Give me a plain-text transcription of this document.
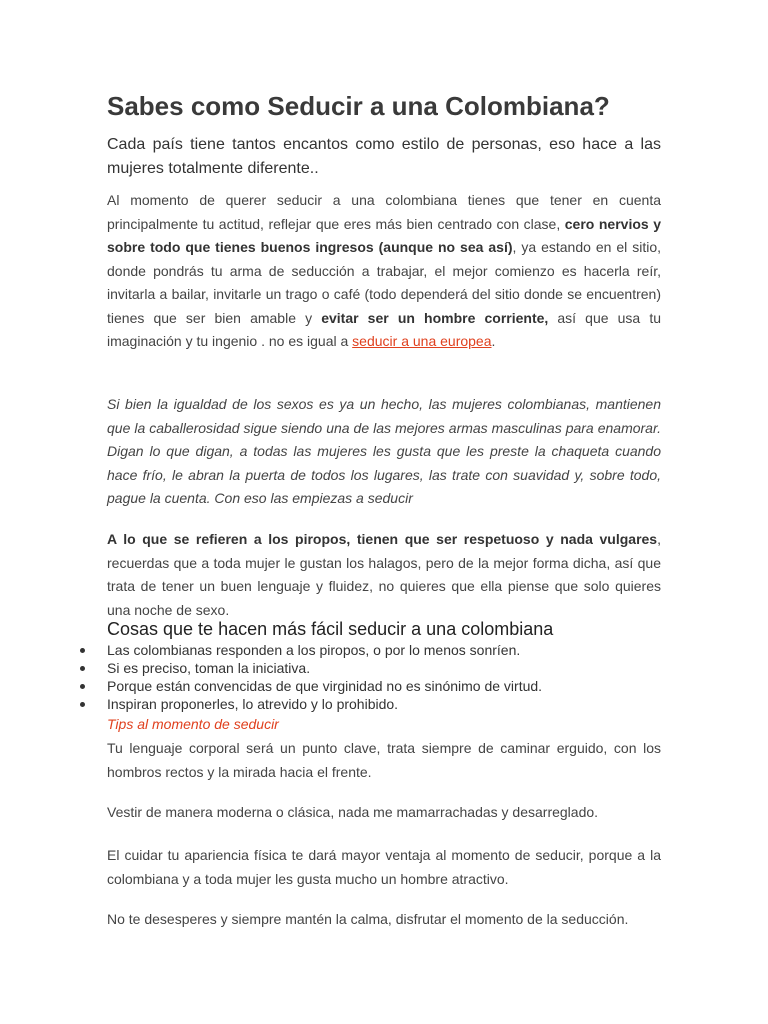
Sabes como Seducir a una Colombiana?

Cada país tiene tantos encantos como estilo de personas, eso hace a las mujeres totalmente diferente..

Al momento de querer seducir a una colombiana tienes que tener en cuenta principalmente tu actitud, reflejar que eres más bien centrado con clase, cero nervios y sobre todo que tienes buenos ingresos (aunque no sea así), ya estando en el sitio, donde pondrás tu arma de seducción a trabajar, el mejor comienzo es hacerla reír, invitarla a bailar, invitarle un trago o café (todo dependerá del sitio donde se encuentren) tienes que ser bien amable y evitar ser un hombre corriente, así que usa tu imaginación y tu ingenio . no es igual a seducir a una europea.

Si bien la igualdad de los sexos es ya un hecho, las mujeres colombianas, mantienen que la caballerosidad sigue siendo una de las mejores armas masculinas para enamorar. Digan lo que digan, a todas las mujeres les gusta que les preste la chaqueta cuando hace frío, le abran la puerta de todos los lugares, las trate con suavidad y, sobre todo, pague la cuenta. Con eso las empiezas a seducir

A lo que se refieren a los piropos, tienen que ser respetuoso y nada vulgares, recuerdas que a toda mujer le gustan los halagos, pero de la mejor forma dicha, así que trata de tener un buen lenguaje y fluidez, no quieres que ella piense que solo quieres una noche de sexo.

Cosas que te hacen más fácil seducir a una colombiana
Las colombianas responden a los piropos, o por lo menos sonríen.
Si es preciso, toman la iniciativa.
Porque están convencidas de que virginidad no es sinónimo de virtud.
Inspiran proponerles, lo atrevido y lo prohibido.

Tips al momento de seducir

Tu lenguaje corporal será un punto clave, trata siempre de caminar erguido, con los hombros rectos y la mirada hacia el frente.

Vestir de manera moderna o clásica, nada me mamarrachadas y desarreglado.

El cuidar tu apariencia física te dará mayor ventaja al momento de seducir, porque a la colombiana y a toda mujer les gusta mucho un hombre atractivo.

No te desesperes y siempre mantén la calma, disfrutar el momento de la seducción.
